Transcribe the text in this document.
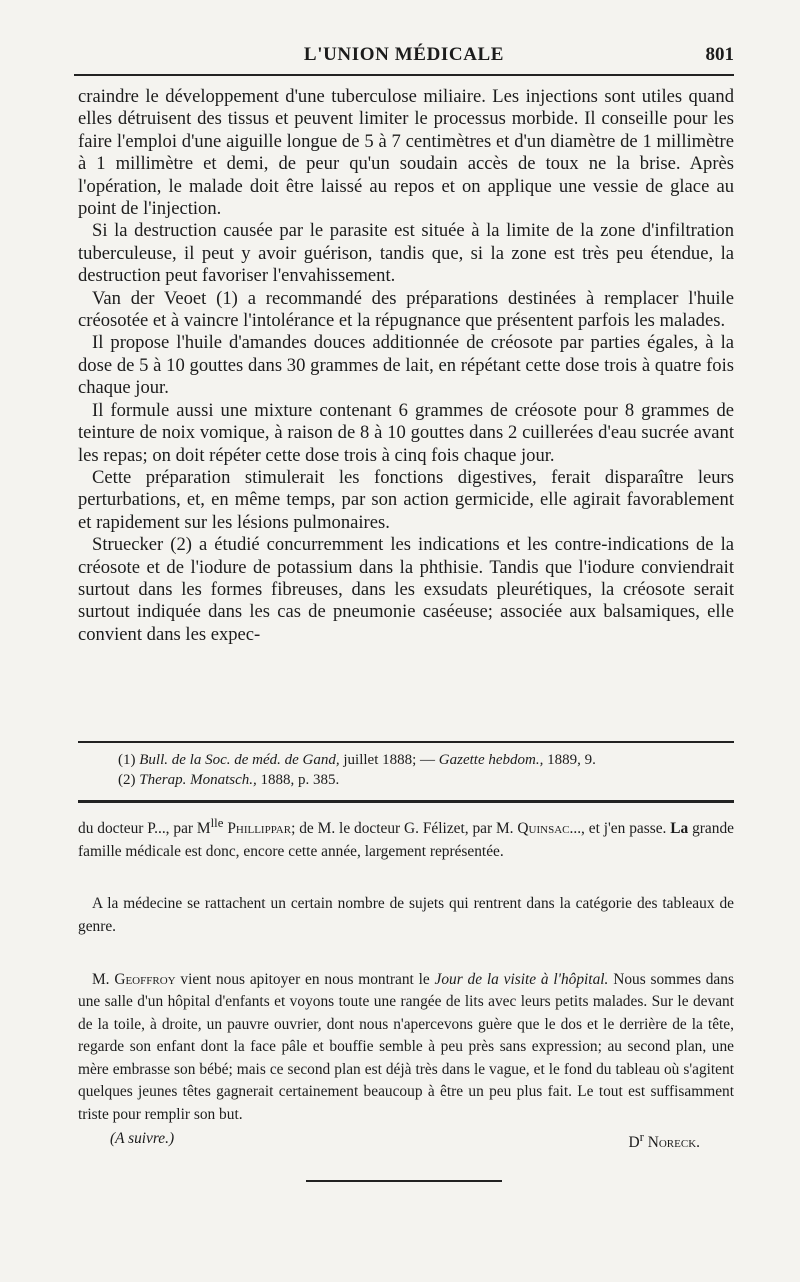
L'UNION MÉDICALE	801

craindre le développement d'une tuberculose miliaire. Les injections sont utiles quand elles détruisent des tissus et peuvent limiter le processus morbide. Il conseille pour les faire l'emploi d'une aiguille longue de 5 à 7 centimètres et d'un diamètre de 1 millimètre à 1 millimètre et demi, de peur qu'un soudain accès de toux ne la brise. Après l'opération, le malade doit être laissé au repos et on applique une vessie de glace au point de l'injection.

Si la destruction causée par le parasite est située à la limite de la zone d'infiltration tuberculeuse, il peut y avoir guérison, tandis que, si la zone est très peu étendue, la destruction peut favoriser l'envahissement.

Van der Veoet (1) a recommandé des préparations destinées à remplacer l'huile créosotée et à vaincre l'intolérance et la répugnance que présentent parfois les malades.

Il propose l'huile d'amandes douces additionnée de créosote par parties égales, à la dose de 5 à 10 gouttes dans 30 grammes de lait, en répétant cette dose trois à quatre fois chaque jour.

Il formule aussi une mixture contenant 6 grammes de créosote pour 8 grammes de teinture de noix vomique, à raison de 8 à 10 gouttes dans 2 cuillerées d'eau sucrée avant les repas; on doit répéter cette dose trois à cinq fois chaque jour.

Cette préparation stimulerait les fonctions digestives, ferait disparaître leurs perturbations, et, en même temps, par son action germicide, elle agirait favorablement et rapidement sur les lésions pulmonaires.

Struecker (2) a étudié concurremment les indications et les contre-indications de la créosote et de l'iodure de potassium dans la phthisie. Tandis que l'iodure conviendrait surtout dans les formes fibreuses, dans les exsudats pleurétiques, la créosote serait surtout indiquée dans les cas de pneumonie caséeuse; associée aux balsamiques, elle convient dans les expec-

(1) Bull. de la Soc. de méd. de Gand, juillet 1888; — Gazette hebdom., 1889, 9.
(2) Therap. Monatsch., 1888, p. 385.

du docteur P..., par $M^{lle}$ Phillippar; de M. le docteur G. Félizet, par M. Quinsac..., et j'en passe. La grande famille médicale est donc, encore cette année, largement représentée.

A la médecine se rattachent un certain nombre de sujets qui rentrent dans la catégorie des tableaux de genre.

M. Geoffroy vient nous apitoyer en nous montrant le Jour de la visite à l'hôpital. Nous sommes dans une salle d'un hôpital d'enfants et voyons toute une rangée de lits avec leurs petits malades. Sur le devant de la toile, à droite, un pauvre ouvrier, dont nous n'apercevons guère que le dos et le derrière de la tête, regarde son enfant dont la face pâle et bouffie semble à peu près sans expression; au second plan, une mère embrasse son bébé; mais ce second plan est déjà très dans le vague, et le fond du tableau où s'agitent quelques jeunes têtes gagnerait certainement beaucoup à être un peu plus fait. Le tout est suffisamment triste pour remplir son but.

(A suivre.)	$D^r$ Noreck.
